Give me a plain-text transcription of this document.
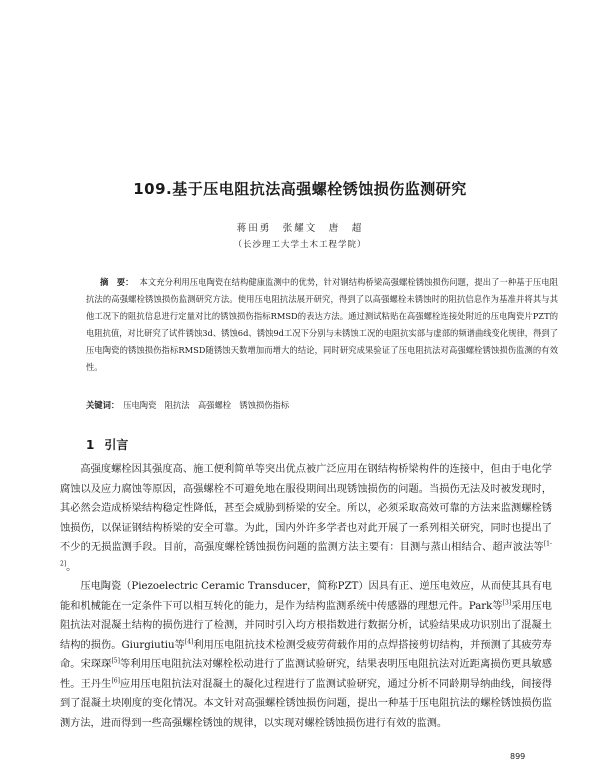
109.基于压电阻抗法高强螺栓锈蚀损伤监测研究
蒋田勇　张耀文　唐　超
（长沙理工大学土木工程学院）

摘　要： 本文充分利用压电陶瓷在结构健康监测中的优势，针对钢结构桥梁高强螺栓锈蚀损伤问题，提出了一种基于压电阻抗法的高强螺栓锈蚀损伤监测研究方法。使用压电阻抗法展开研究，得到了以高强螺栓未锈蚀时的阻抗信息作为基准并将其与其他工况下的阻抗信息进行定量对比的锈蚀损伤指标RMSD的表达方法。通过测试粘贴在高强螺栓连接处附近的压电陶瓷片PZT的电阻抗值，对比研究了试件锈蚀3d、锈蚀6d、锈蚀9d工况下分别与未锈蚀工况的电阻抗实部与虚部的频谱曲线变化规律，得到了压电陶瓷的锈蚀损伤指标RMSD随锈蚀天数增加而增大的结论，同时研究成果验证了压电阻抗法对高强螺栓锈蚀损伤监测的有效性。

关键词： 压电陶瓷　阻抗法　高强螺栓　锈蚀损伤指标

1 引言

高强度螺栓因其强度高、施工便利简单等突出优点被广泛应用在钢结构桥梁构件的连接中，但由于电化学腐蚀以及应力腐蚀等原因，高强螺栓不可避免地在服役期间出现锈蚀损伤的问题。当损伤无法及时被发现时，其必然会造成桥梁结构稳定性降低，甚至会威胁到桥梁的安全。所以，必须采取高效可靠的方法来监测螺栓锈蚀损伤，以保证钢结构桥梁的安全可靠。为此，国内外许多学者也对此开展了一系列相关研究，同时也提出了不少的无损监测手段。目前，高强度螺栓锈蚀损伤问题的监测方法主要有：目测与蒸山相结合、超声波法等[1-2]。

压电陶瓷（Piezoelectric Ceramic Transducer，简称PZT）因具有正、逆压电效应，从而使其具有电能和机械能在一定条件下可以相互转化的能力，是作为结构监测系统中传感器的理想元件。Park等[3]采用压电阻抗法对混凝土结构的损伤进行了检测，并同时引入均方根指数进行数据分析，试验结果成功识别出了混凝土结构的损伤。Giurgiutiu等[4]利用压电阻抗技术检测受疲劳荷载作用的点焊搭接剪切结构，并预测了其疲劳寿命。宋琛琛[5]等利用压电阻抗法对螺栓松动进行了监测试验研究，结果表明压电阻抗法对近距离损伤更具敏感性。王丹生[6]应用压电阻抗法对混凝土的凝化过程进行了监测试验研究，通过分析不同龄期导纳曲线，间接得到了混凝土块刚度的变化情况。本文针对高强螺栓锈蚀损伤问题，提出一种基于压电阻抗法的螺栓锈蚀损伤监测方法，进而得到一些高强螺栓锈蚀的规律，以实现对螺栓锈蚀损伤进行有效的监测。

899
